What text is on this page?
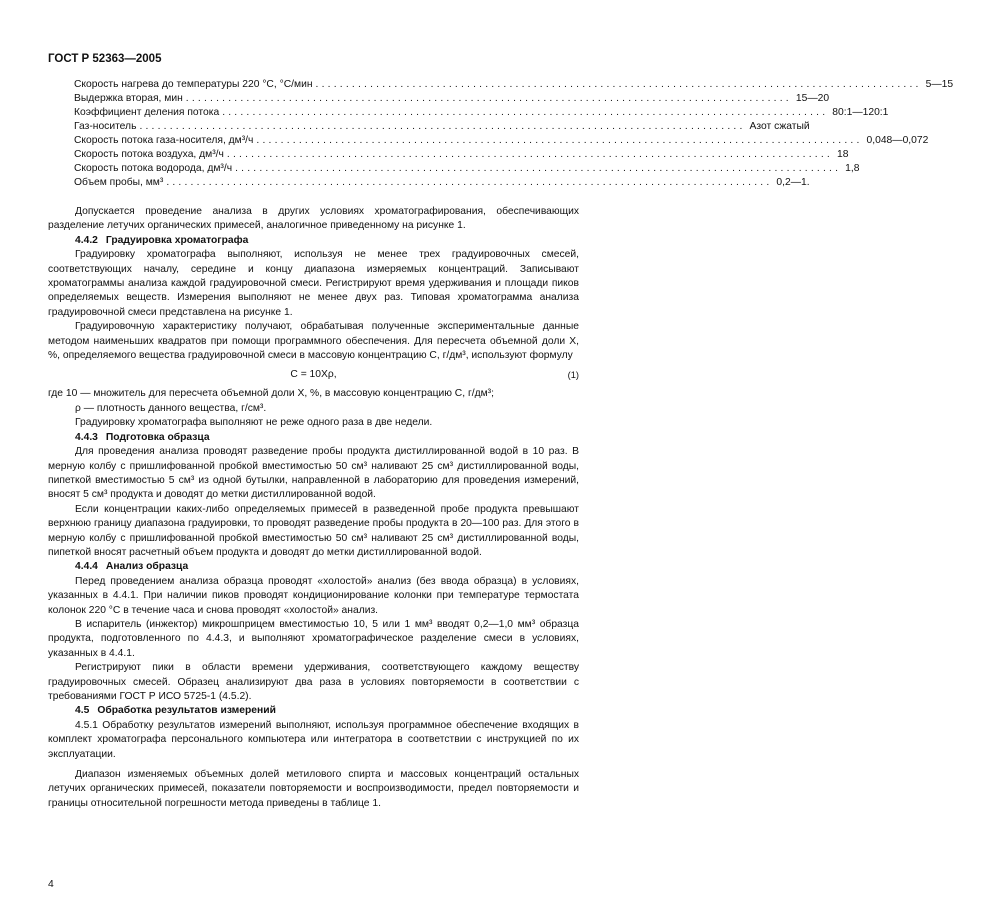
ГОСТ Р 52363—2005
Скорость нагрева до температуры 220 °С, °С/мин .................................................................................................... 5—15
Выдержка вторая, мин .................................................................................................... 15—20
Коэффициент деления потока .................................................................................................... 80:1—120:1
Газ-носитель .................................................................................................... Азот сжатый
Скорость потока газа-носителя, дм³/ч .................................................................................................... 0,048—0,072
Скорость потока воздуха, дм³/ч .................................................................................................... 18
Скорость потока водорода, дм³/ч .................................................................................................... 1,8
Объем пробы, мм³ .................................................................................................... 0,2—1.

Допускается проведение анализа в других условиях хроматографирования, обеспечивающих разделение летучих органических примесей, аналогичное приведенному на рисунке 1.

4.4.2 Градуировка хроматографа

Градуировку хроматографа выполняют, используя не менее трех градуировочных смесей, соответствующих началу, середине и концу диапазона измеряемых концентраций. Записывают хроматограммы анализа каждой градуировочной смеси. Регистрируют время удерживания и площади пиков определяемых веществ. Измерения выполняют не менее двух раз. Типовая хроматограмма анализа градуировочной смеси представлена на рисунке 1.

Градуировочную характеристику получают, обрабатывая полученные экспериментальные данные методом наименьших квадратов при помощи программного обеспечения. Для пересчета объемной доли X, %, определяемого вещества градуировочной смеси в массовую концентрацию C, г/дм³, используют формулу

C = 10Xρ,	(1)

где 10 — множитель для пересчета объемной доли X, %, в массовую концентрацию C, г/дм³;

ρ — плотность данного вещества, г/см³.

Градуировку хроматографа выполняют не реже одного раза в две недели.

4.4.3 Подготовка образца

Для проведения анализа проводят разведение пробы продукта дистиллированной водой в 10 раз. В мерную колбу с пришлифованной пробкой вместимостью 50 см³ наливают 25 см³ дистиллированной воды, пипеткой вместимостью 5 см³ из одной бутылки, направленной в лабораторию для проведения измерений, вносят 5 см³ продукта и доводят до метки дистиллированной водой.

Если концентрации каких-либо определяемых примесей в разведенной пробе продукта превышают верхнюю границу диапазона градуировки, то проводят разведение пробы продукта в 20—100 раз. Для этого в мерную колбу с пришлифованной пробкой вместимостью 50 см³ наливают 25 см³ дистиллированной воды, пипеткой вносят расчетный объем продукта и доводят до метки дистиллированной водой.

4.4.4 Анализ образца

Перед проведением анализа образца проводят «холостой» анализ (без ввода образца) в условиях, указанных в 4.4.1. При наличии пиков проводят кондиционирование колонки при температуре термостата колонок 220 °С в течение часа и снова проводят «холостой» анализ.

В испаритель (инжектор) микрошприцем вместимостью 10, 5 или 1 мм³ вводят 0,2—1,0 мм³ образца продукта, подготовленного по 4.4.3, и выполняют хроматографическое разделение смеси в условиях, указанных в 4.4.1.

Регистрируют пики в области времени удерживания, соответствующего каждому веществу градуировочных смесей. Образец анализируют два раза в условиях повторяемости в соответствии с требованиями ГОСТ Р ИСО 5725-1 (4.5.2).

4.5 Обработка результатов измерений

4.5.1 Обработку результатов измерений выполняют, используя программное обеспечение входящих в комплект хроматографа персонального компьютера или интегратора в соответствии с инструкцией по их эксплуатации.

Диапазон изменяемых объемных долей метилового спирта и массовых концентраций остальных летучих органических примесей, показатели повторяемости и воспроизводимости, предел повторяемости и границы относительной погрешности метода приведены в таблице 1.

4
